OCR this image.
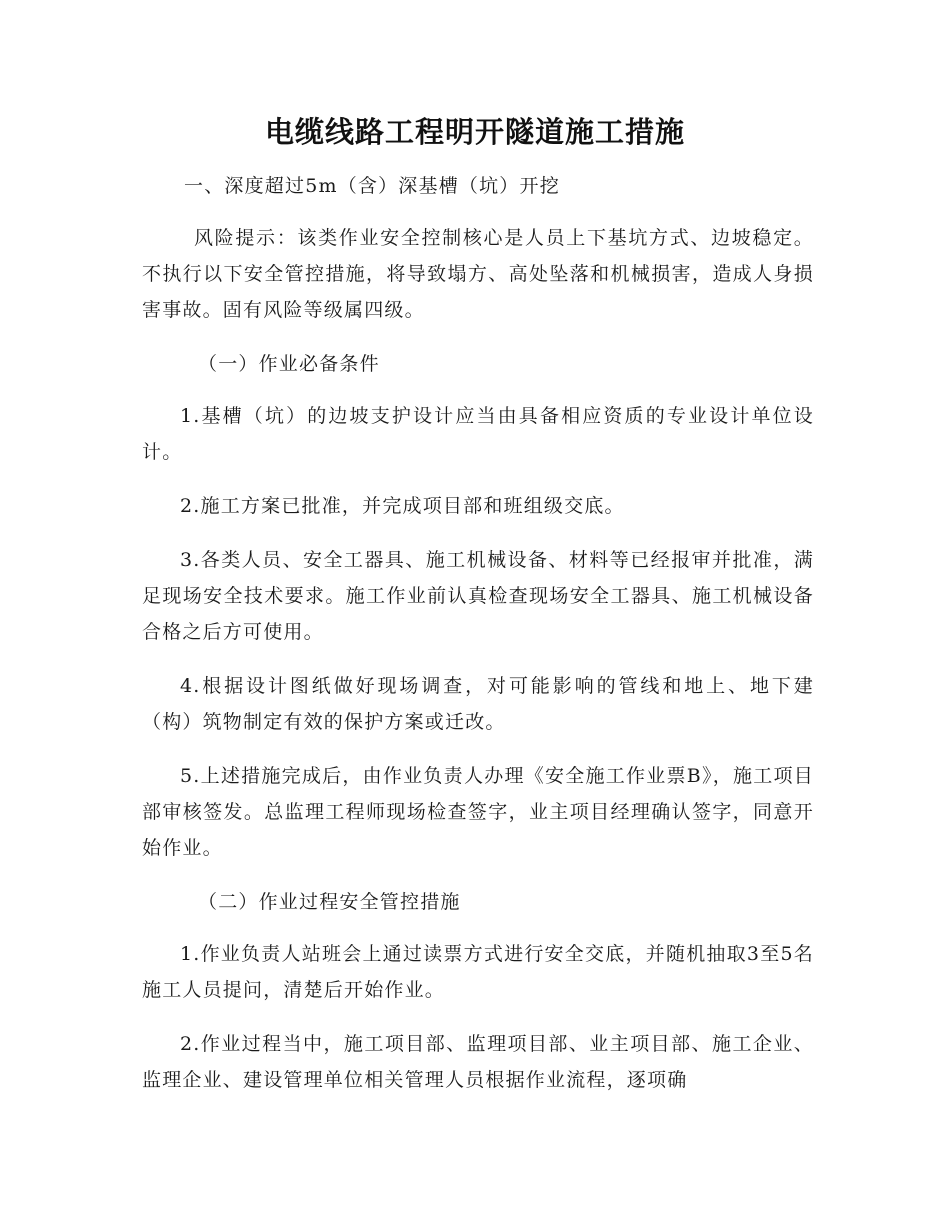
电缆线路工程明开隧道施工措施

一、深度超过5m（含）深基槽（坑）开挖

风险提示：该类作业安全控制核心是人员上下基坑方式、边坡稳定。不执行以下安全管控措施，将导致塌方、高处坠落和机械损害，造成人身损害事故。固有风险等级属四级。

（一）作业必备条件

1.基槽（坑）的边坡支护设计应当由具备相应资质的专业设计单位设计。

2.施工方案已批准，并完成项目部和班组级交底。

3.各类人员、安全工器具、施工机械设备、材料等已经报审并批准，满足现场安全技术要求。施工作业前认真检查现场安全工器具、施工机械设备合格之后方可使用。

4.根据设计图纸做好现场调查，对可能影响的管线和地上、地下建（构）筑物制定有效的保护方案或迁改。

5.上述措施完成后，由作业负责人办理《安全施工作业票B》，施工项目部审核签发。总监理工程师现场检查签字，业主项目经理确认签字，同意开始作业。

（二）作业过程安全管控措施

1.作业负责人站班会上通过读票方式进行安全交底，并随机抽取3至5名施工人员提问，清楚后开始作业。

2.作业过程当中，施工项目部、监理项目部、业主项目部、施工企业、监理企业、建设管理单位相关管理人员根据作业流程，逐项确
